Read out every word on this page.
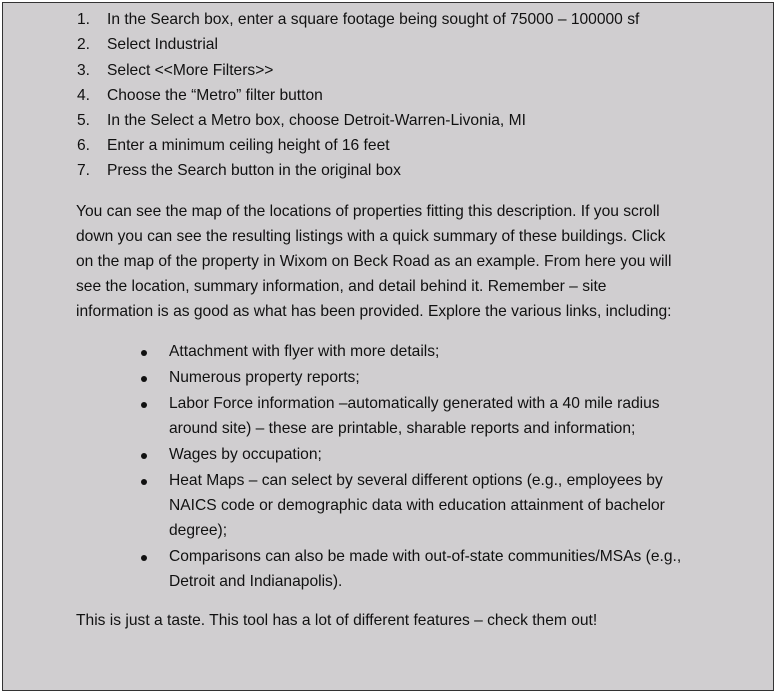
1. In the Search box, enter a square footage being sought of 75000 – 100000 sf
2. Select Industrial
3. Select <<More Filters>>
4. Choose the “Metro” filter button
5. In the Select a Metro box, choose Detroit-Warren-Livonia, MI
6. Enter a minimum ceiling height of 16 feet
7. Press the Search button in the original box
You can see the map of the locations of properties fitting this description. If you scroll
down you can see the resulting listings with a quick summary of these buildings. Click
on the map of the property in Wixom on Beck Road as an example. From here you will
see the location, summary information, and detail behind it. Remember – site
information is as good as what has been provided. Explore the various links, including:
Attachment with flyer with more details;
Numerous property reports;
Labor Force information –automatically generated with a 40 mile radius
around site) – these are printable, sharable reports and information;
Wages by occupation;
Heat Maps – can select by several different options (e.g., employees by
NAICS code or demographic data with education attainment of bachelor
degree);
Comparisons can also be made with out-of-state communities/MSAs (e.g.,
Detroit and Indianapolis).
This is just a taste. This tool has a lot of different features – check them out!
